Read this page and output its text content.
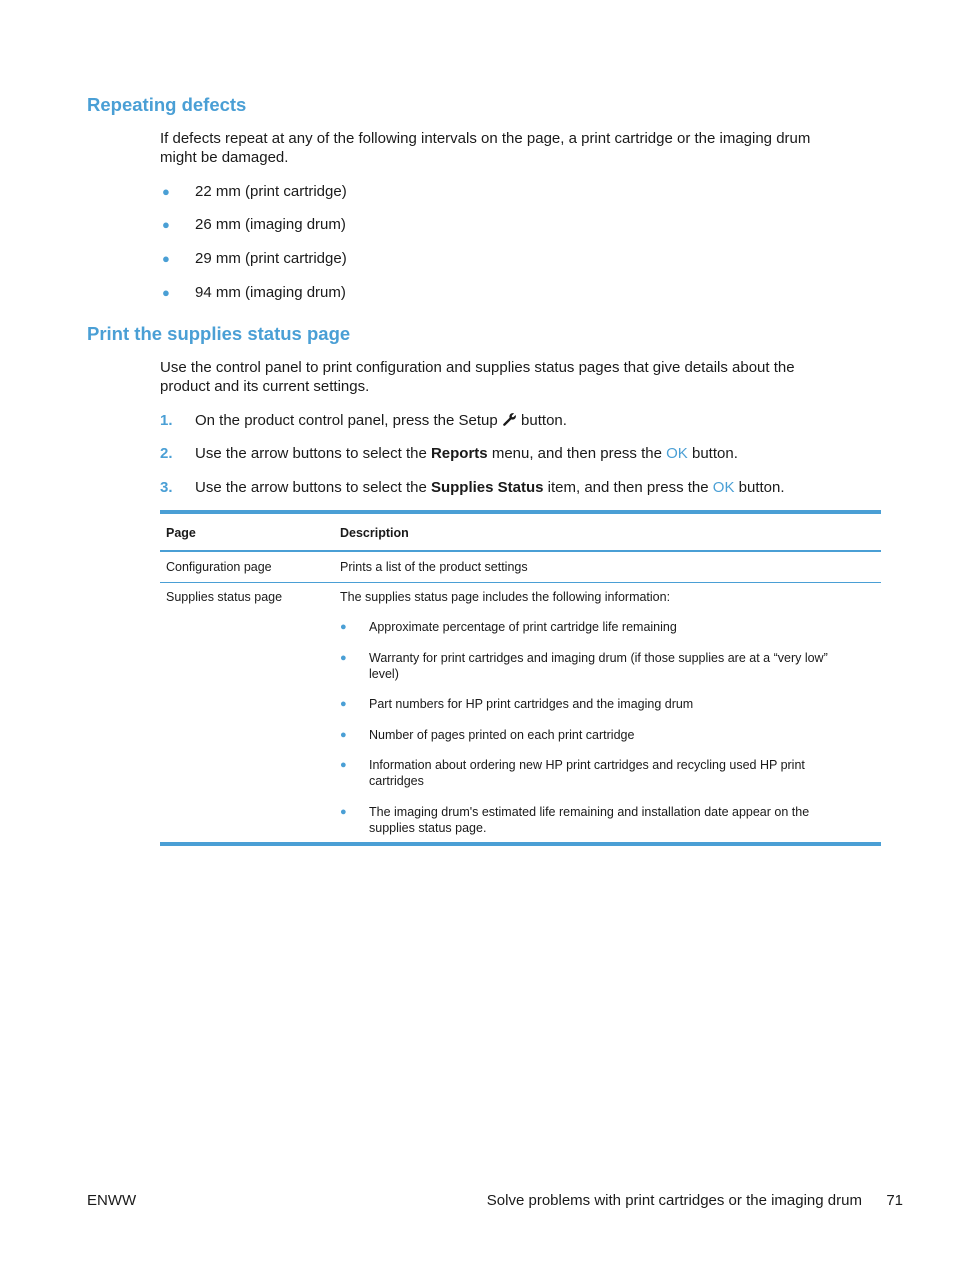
Repeating defects
If defects repeat at any of the following intervals on the page, a print cartridge or the imaging drum
might be damaged.
● 22 mm (print cartridge)
● 26 mm (imaging drum)
● 29 mm (print cartridge)
● 94 mm (imaging drum)
Print the supplies status page
Use the control panel to print configuration and supplies status pages that give details about the
product and its current settings.
1. On the product control panel, press the Setup button.
2. Use the arrow buttons to select the Reports menu, and then press the OK button.
3. Use the arrow buttons to select the Supplies Status item, and then press the OK button.
Page	Description
Configuration page	Prints a list of the product settings
Supplies status page	The supplies status page includes the following information:
●	Approximate percentage of print cartridge life remaining
●	Warranty for print cartridges and imaging drum (if those supplies are at a “very low”
level)
●	Part numbers for HP print cartridges and the imaging drum
●	Number of pages printed on each print cartridge
●	Information about ordering new HP print cartridges and recycling used HP print
cartridges
●	The imaging drum's estimated life remaining and installation date appear on the
supplies status page.
ENWW	Solve problems with print cartridges or the imaging drum 71
